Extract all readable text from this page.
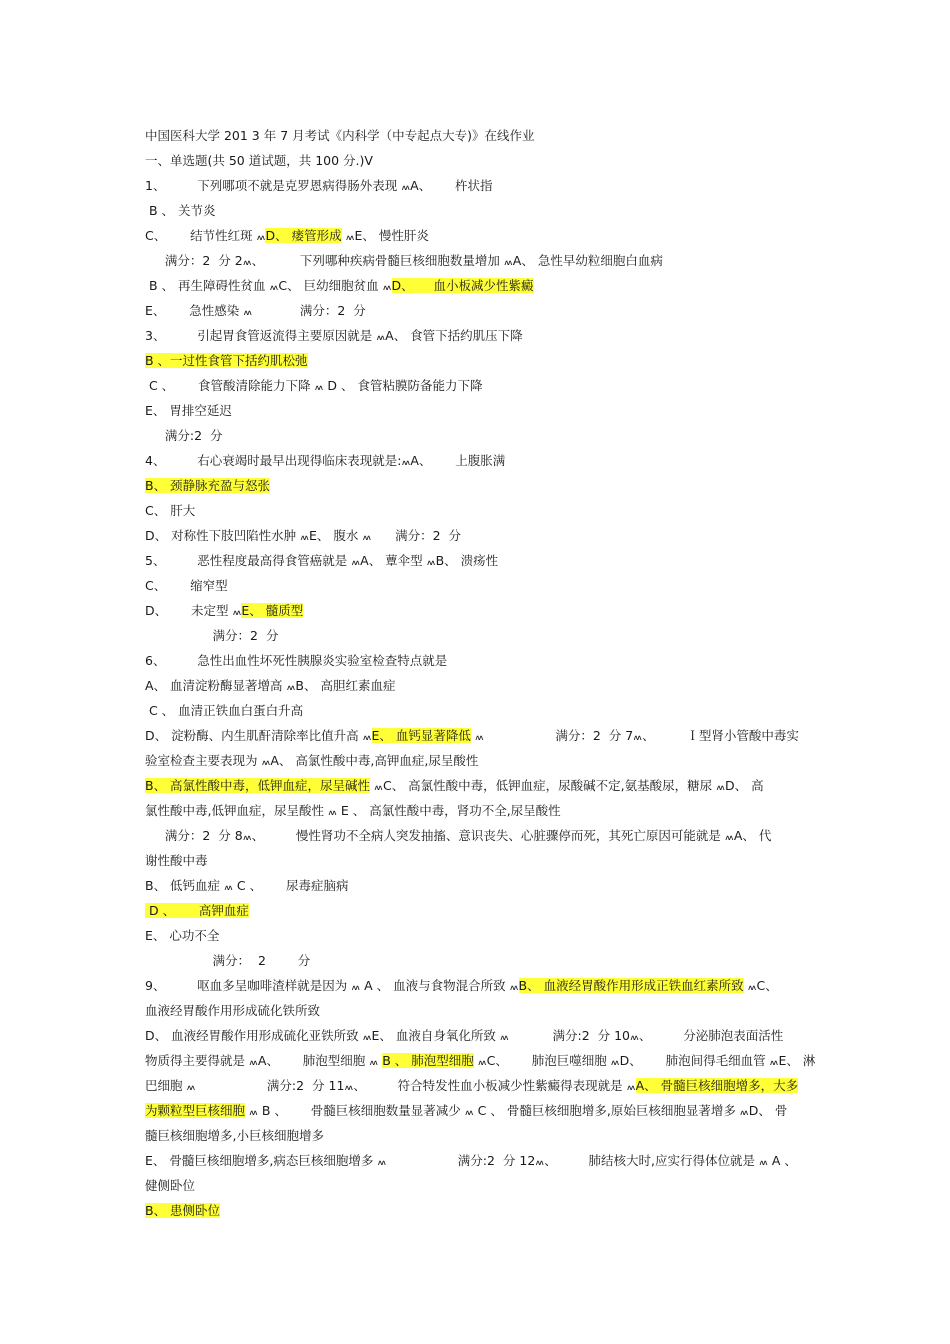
中国医科大学 201 3 年 7 月考试《内科学（中专起点大专)》在线作业
一、单选题(共 50 道试题，共 100 分.)V
1、        下列哪项不就是克罗恩病得肠外表现 ៳A、      杵状指
B 、 关节炎
C、      结节性红斑 ៳D、 瘘管形成 ៳E、 慢性肝炎
满分：2  分 2៳、         下列哪种疾病骨髓巨核细胞数量增加 ៳A、 急性早幼粒细胞白血病
B 、 再生障碍性贫血 ៳C、 巨幼细胞贫血 ៳D、     血小板减少性紫癜
E、      急性感染 ៳            满分：2  分
3、        引起胃食管返流得主要原因就是 ៳A、 食管下括约肌压下降
B 、一过性食管下括约肌松弛
C 、      食管酸清除能力下降 ៳ D 、 食管粘膜防备能力下降
E、 胃排空延迟
满分:2  分
4、        右心衰竭时最早出现得临床表现就是:៳A、      上腹胀满
B、 颈静脉充盈与怒张
C、 肝大
D、 对称性下肢凹陷性水肿 ៳E、 腹水 ៳      满分：2  分
5、        恶性程度最高得食管癌就是 ៳A、 蕈伞型 ៳B、 溃疡性
C、      缩窄型
D、      未定型 ៳E、 髓质型
满分：2  分
6、        急性出血性坏死性胰腺炎实验室检查特点就是
A、 血清淀粉酶显著增高 ៳B、 高胆红素血症
C 、 血清正铁血白蛋白升高
D、 淀粉酶、内生肌酐清除率比值升高 ៳E、 血钙显著降低 ៳                  满分：2  分 7៳、        Ｉ型肾小管酸中毒实
验室检查主要表现为 ៳A、 高氯性酸中毒,高钾血症,尿呈酸性
B、 高氯性酸中毒，低钾血症，尿呈碱性 ៳C、 高氯性酸中毒，低钾血症，尿酸碱不定,氨基酸尿，糖尿 ៳D、 高
氯性酸中毒,低钾血症，尿呈酸性 ៳ E 、 高氯性酸中毒，肾功不全,尿呈酸性
满分：2  分 8៳、        慢性肾功不全病人突发抽搐、意识丧失、心脏骤停而死，其死亡原因可能就是 ៳A、 代
谢性酸中毒
B、 低钙血症 ៳ C 、      尿毒症脑病
D 、      高钾血症
E、 心功不全
满分：  2        分
9、        呕血多呈咖啡渣样就是因为 ៳ A 、 血液与食物混合所致 ៳B、 血液经胃酸作用形成正铁血红素所致 ៳C、
血液经胃酸作用形成硫化铁所致
D、 血液经胃酸作用形成硫化亚铁所致 ៳E、 血液自身氧化所致 ៳           满分:2  分 10៳、        分泌肺泡表面活性
物质得主要得就是 ៳A、      肺泡型细胞 ៳ B 、 肺泡型细胞 ៳C、      肺泡巨噬细胞 ៳D、      肺泡间得毛细血管 ៳E、 淋
巴细胞 ៳                  满分:2  分 11៳、        符合特发性血小板减少性紫癜得表现就是 ៳A、 骨髓巨核细胞增多，大多
为颗粒型巨核细胞 ៳ B 、      骨髓巨核细胞数量显著减少 ៳ C 、 骨髓巨核细胞增多,原始巨核细胞显著增多 ៳D、 骨
髓巨核细胞增多,小巨核细胞增多
E、 骨髓巨核细胞增多,病态巨核细胞增多 ៳                  满分:2  分 12៳、        肺结核大时,应实行得体位就是 ៳ A 、
健侧卧位
B、 患侧卧位
